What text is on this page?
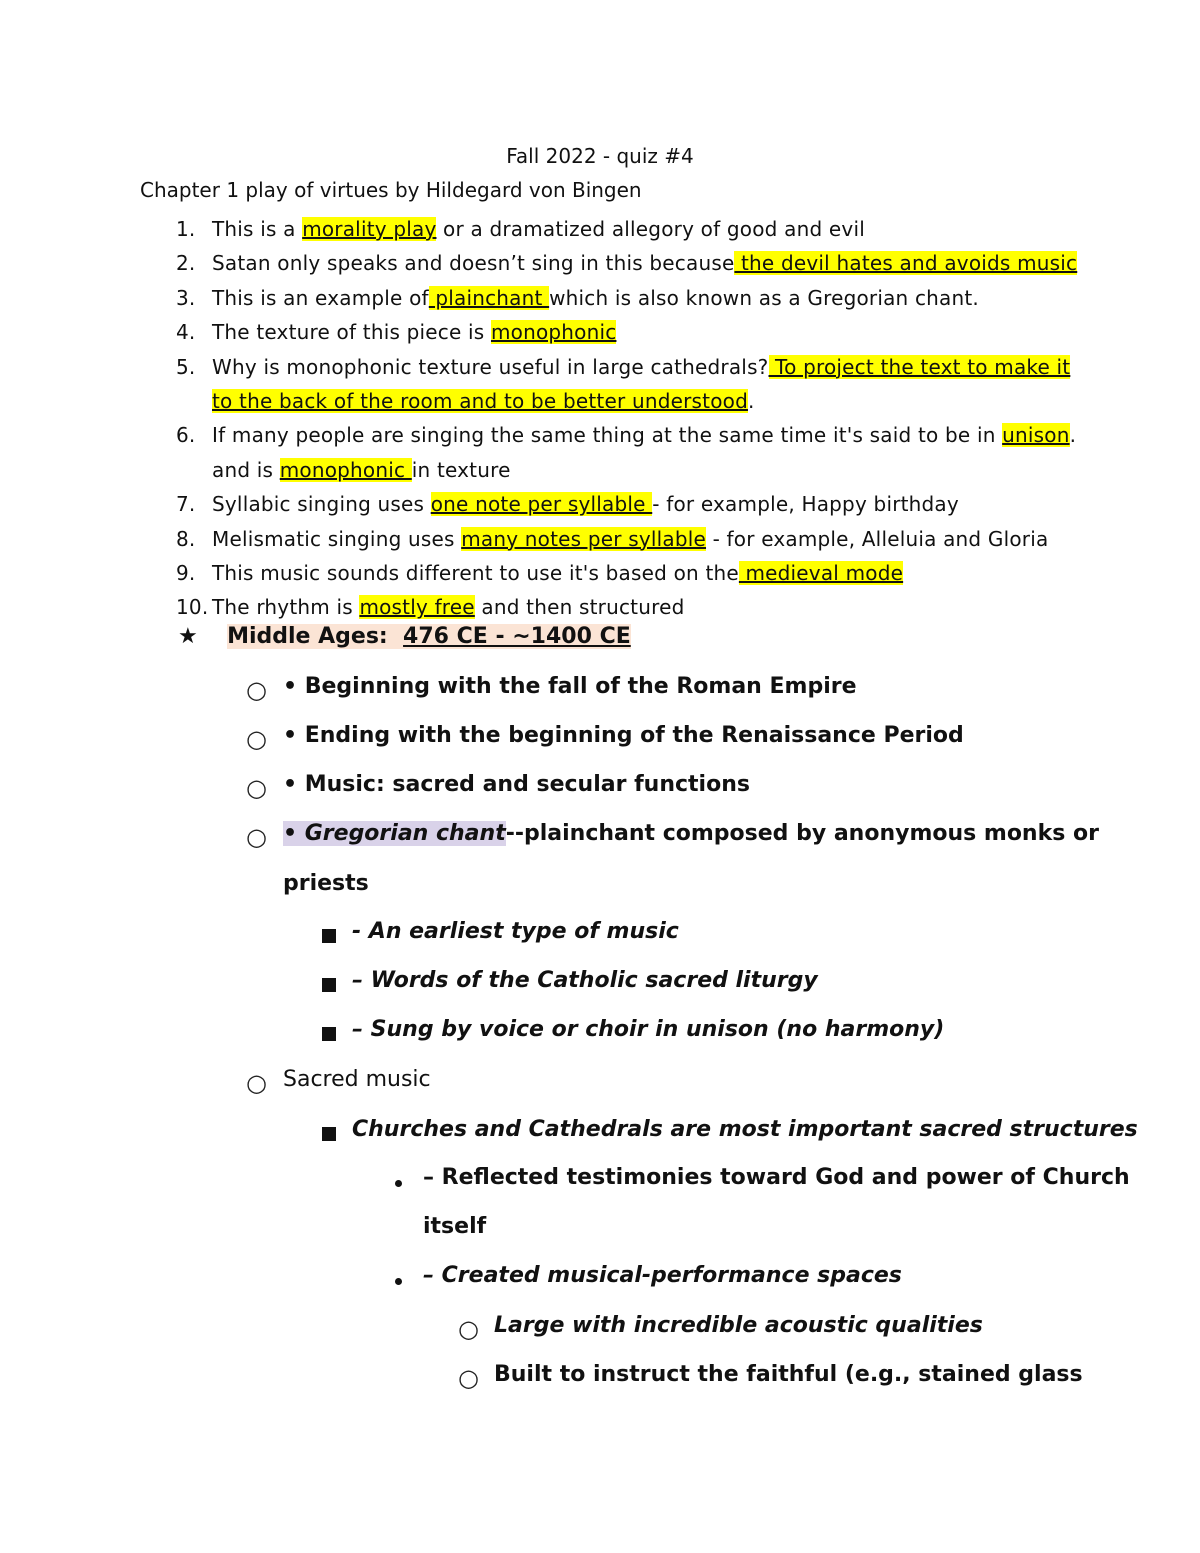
Fall 2022 - quiz #4
Chapter 1 play of virtues by Hildegard von Bingen
1. This is a morality play or a dramatized allegory of good and evil
2. Satan only speaks and doesn’t sing in this because the devil hates and avoids music
3. This is an example of plainchant which is also known as a Gregorian chant.
4. The texture of this piece is monophonic
5. Why is monophonic texture useful in large cathedrals? To project the text to make it to the back of the room and to be better understood.
6. If many people are singing the same thing at the same time it's said to be in unison. and is monophonic in texture
7. Syllabic singing uses one note per syllable - for example, Happy birthday
8. Melismatic singing uses many notes per syllable - for example, Alleluia and Gloria
9. This music sounds different to use it's based on the medieval mode
10. The rhythm is mostly free and then structured
★ Middle Ages: 476 CE - ~1400 CE
○ • Beginning with the fall of the Roman Empire
○ • Ending with the beginning of the Renaissance Period
○ • Music: sacred and secular functions
○ • Gregorian chant--plainchant composed by anonymous monks or
priests
- An earliest type of music
– Words of the Catholic sacred liturgy
– Sung by voice or choir in unison (no harmony)
○ Sacred music
Churches and Cathedrals are most important sacred structures
– Reflected testimonies toward God and power of Church
itself
– Created musical-performance spaces
○ Large with incredible acoustic qualities
○ Built to instruct the faithful (e.g., stained glass
